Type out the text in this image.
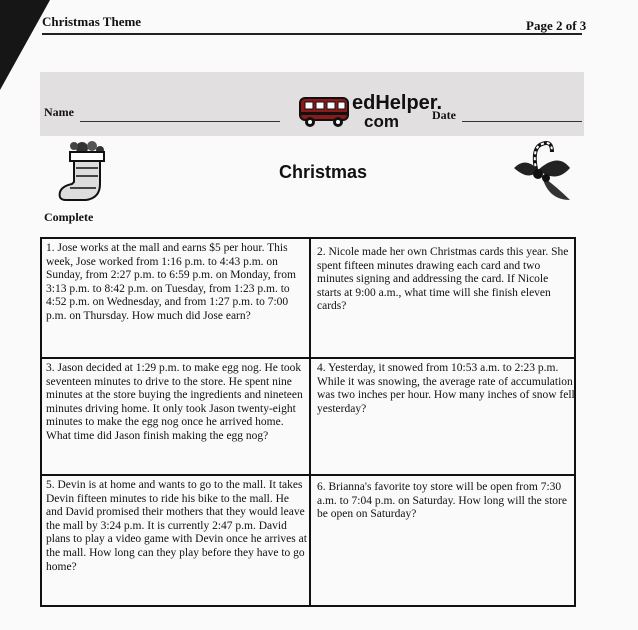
Christmas Theme	Page 2 of 3
Name	Date
edHelper.
com
Christmas
Complete
1. Jose works at the mall and earns $5 per hour. This week, Jose worked from 1:16 p.m. to 4:43 p.m. on Sunday, from 2:27 p.m. to 6:59 p.m. on Monday, from 3:13 p.m. to 8:42 p.m. on Tuesday, from 1:23 p.m. to 4:52 p.m. on Wednesday, and from 1:27 p.m. to 7:00 p.m. on Thursday. How much did Jose earn?
2. Nicole made her own Christmas cards this year. She spent fifteen minutes drawing each card and two minutes signing and addressing the card. If Nicole starts at 9:00 a.m., what time will she finish eleven cards?
3. Jason decided at 1:29 p.m. to make egg nog. He took seventeen minutes to drive to the store. He spent nine minutes at the store buying the ingredients and nineteen minutes driving home. It only took Jason twenty-eight minutes to make the egg nog once he arrived home. What time did Jason finish making the egg nog?
4. Yesterday, it snowed from 10:53 a.m. to 2:23 p.m. While it was snowing, the average rate of accumulation was two inches per hour. How many inches of snow fell yesterday?
5. Devin is at home and wants to go to the mall. It takes Devin fifteen minutes to ride his bike to the mall. He and David promised their mothers that they would leave the mall by 3:24 p.m. It is currently 2:47 p.m. David plans to play a video game with Devin once he arrives at the mall. How long can they play before they have to go home?
6. Brianna's favorite toy store will be open from 7:30 a.m. to 7:04 p.m. on Saturday. How long will the store be open on Saturday?
